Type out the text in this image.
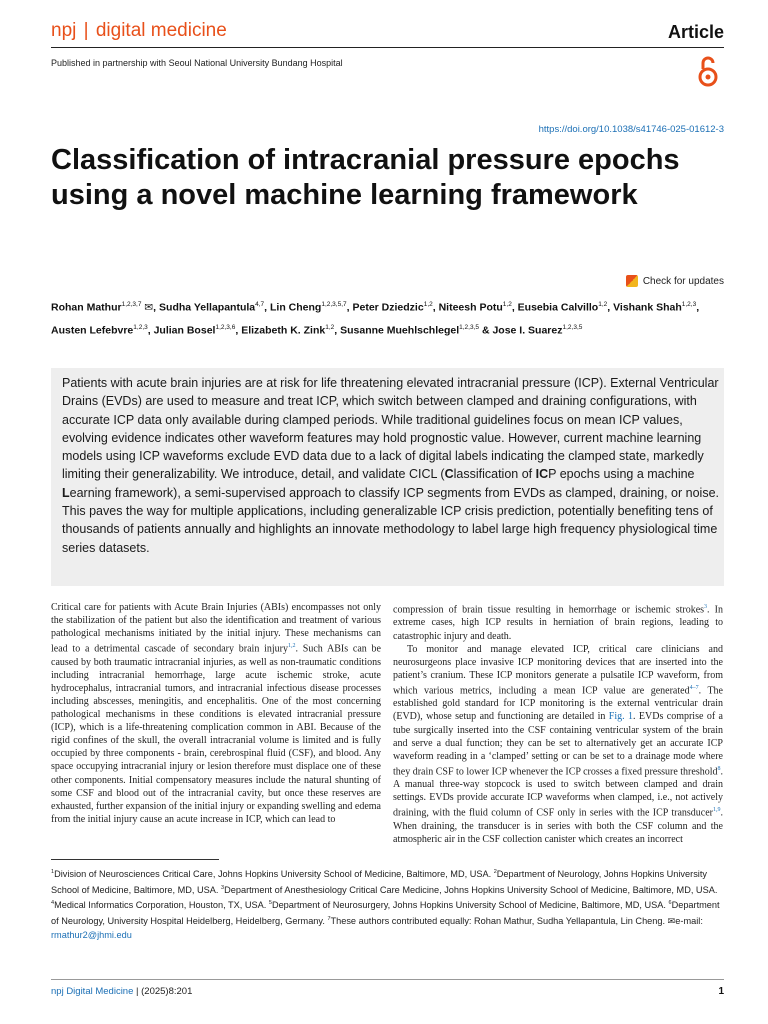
npj | digital medicine	Article
Published in partnership with Seoul National University Bundang Hospital
https://doi.org/10.1038/s41746-025-01612-3
Classification of intracranial pressure epochs using a novel machine learning framework
Check for updates
Rohan Mathur$^{1,2,3,7}$ ✉, Sudha Yellapantula$^{4,7}$, Lin Cheng$^{1,2,3,5,7}$, Peter Dziedzic$^{1,2}$, Niteesh Potu$^{1,2}$, Eusebia Calvillo$^{1,2}$, Vishank Shah$^{1,2,3}$, Austen Lefebvre$^{1,2,3}$, Julian Bosel$^{1,2,3,6}$, Elizabeth K. Zink$^{1,2}$, Susanne Muehlschlegel$^{1,2,3,5}$ & Jose I. Suarez$^{1,2,3,5}$

Patients with acute brain injuries are at risk for life threatening elevated intracranial pressure (ICP). External Ventricular Drains (EVDs) are used to measure and treat ICP, which switch between clamped and draining configurations, with accurate ICP data only available during clamped periods. While traditional guidelines focus on mean ICP values, evolving evidence indicates other waveform features may hold prognostic value. However, current machine learning models using ICP waveforms exclude EVD data due to a lack of digital labels indicating the clamped state, markedly limiting their generalizability. We introduce, detail, and validate CICL (Classification of ICP epochs using a machine Learning framework), a semi-supervised approach to classify ICP segments from EVDs as clamped, draining, or noise. This paves the way for multiple applications, including generalizable ICP crisis prediction, potentially benefiting tens of thousands of patients annually and highlights an innovate methodology to label large high frequency physiological time series datasets.

Critical care for patients with Acute Brain Injuries (ABIs) encompasses not only the stabilization of the patient but also the identification and treatment of various pathological mechanisms initiated by the initial injury. These mechanisms can lead to a detrimental cascade of secondary brain injury$^{1,2}$. Such ABIs can be caused by both traumatic intracranial injuries, as well as non-traumatic conditions including intracranial hemorrhage, large acute ischemic stroke, acute hydrocephalus, intracranial tumors, and intracranial infectious disease processes including abscesses, meningitis, and encephalitis. One of the most concerning pathological mechanisms in these conditions is elevated intracranial pressure (ICP), which is a life-threatening complication common in ABI. Because of the rigid confines of the skull, the overall intracranial volume is limited and is fully occupied by three components - brain, cerebrospinal fluid (CSF), and blood. Any space occupying intracranial injury or lesion therefore must displace one of these other components. Initial compensatory measures include the natural shunting of some CSF and blood out of the intracranial cavity, but once these reserves are exhausted, further expansion of the initial injury or expanding swelling and edema from the initial injury cause an acute increase in ICP, which can lead to

compression of brain tissue resulting in hemorrhage or ischemic strokes$^3$. In extreme cases, high ICP results in herniation of brain regions, leading to catastrophic injury and death.

To monitor and manage elevated ICP, critical care clinicians and neurosurgeons place invasive ICP monitoring devices that are inserted into the patient’s cranium. These ICP monitors generate a pulsatile ICP waveform, from which various metrics, including a mean ICP value are generated$^{4-7}$. The established gold standard for ICP monitoring is the external ventricular drain (EVD), whose setup and functioning are detailed in Fig. 1. EVDs comprise of a tube surgically inserted into the CSF containing ventricular system of the brain and serve a dual function; they can be set to alternatively get an accurate ICP waveform reading in a ‘clamped’ setting or can be set to a drainage mode where they drain CSF to lower ICP whenever the ICP crosses a fixed pressure threshold$^8$. A manual three-way stopcock is used to switch between clamped and drain settings. EVDs provide accurate ICP waveforms when clamped, i.e., not actively draining, with the fluid column of CSF only in series with the ICP transducer$^{1,9}$. When draining, the transducer is in series with both the CSF column and the atmospheric air in the CSF collection canister which creates an incorrect

$^1$Division of Neurosciences Critical Care, Johns Hopkins University School of Medicine, Baltimore, MD, USA. $^2$Department of Neurology, Johns Hopkins University School of Medicine, Baltimore, MD, USA. $^3$Department of Anesthesiology Critical Care Medicine, Johns Hopkins University School of Medicine, Baltimore, MD, USA. $^4$Medical Informatics Corporation, Houston, TX, USA. $^5$Department of Neurosurgery, Johns Hopkins University School of Medicine, Baltimore, MD, USA. $^6$Department of Neurology, University Hospital Heidelberg, Heidelberg, Germany. $^7$These authors contributed equally: Rohan Mathur, Sudha Yellapantula, Lin Cheng. ✉e-mail: rmathur2@jhmi.edu

npj Digital Medicine | (2025)8:201	1
